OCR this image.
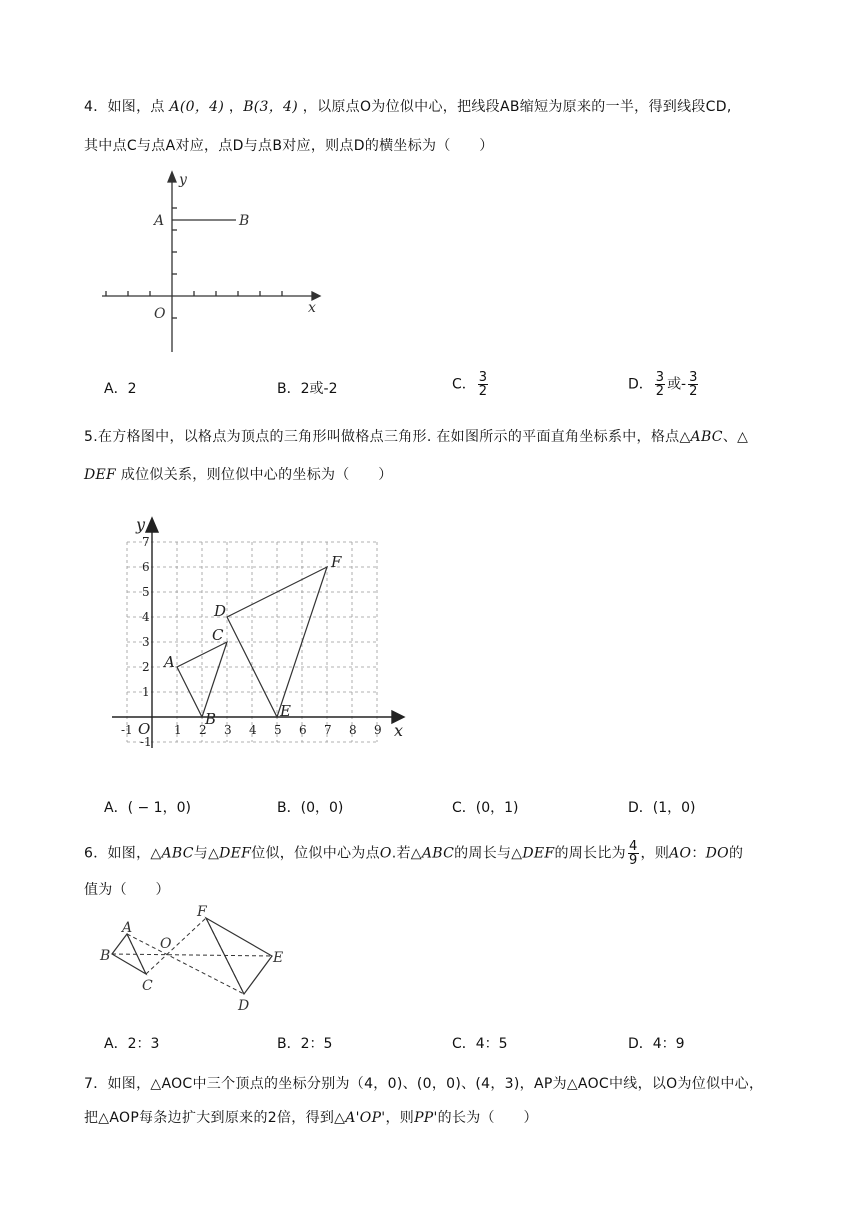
4．如图，点 A(0，4) ，B(3，4) ，以原点O为位似中心，把线段AB缩短为原来的一半，得到线段CD,
其中点C与点A对应，点D与点B对应，则点D的横坐标为（　　）
y
x
A	B
O
A．2	B．2或-2	C． $\frac{3}{2}$	D． $\frac{3}{2}$ 或- $\frac{3}{2}$
5.在方格图中，以格点为顶点的三角形叫做格点三角形. 在如图所示的平面直角坐标系中，格点△ABC、△
DEF 成位似关系，则位似中心的坐标为（　　）
y
x
O
-1	1 2 3 4 5 6 7 8 9
-1
1
2
3
4
5
6
7
A
B
C
D
E
F
A．( − 1，0)	B．(0，0)	C．(0，1)	D．(1，0)
6．如图，△ABC与△DEF位似，位似中心为点O.若△ABC的周长与△DEF的周长比为 $\frac{4}{9}$ ，则AO：DO的
值为（　　）
A
B
C
O
F
E
D
A．2：3	B．2：5	C．4：5	D．4：9
7．如图，△AOC中三个顶点的坐标分别为（4，0)、(0，0)、(4，3)，AP为△AOC中线，以O为位似中心，
把△AOP每条边扩大到原来的2倍，得到△A'OP'，则PP'的长为（　　）
